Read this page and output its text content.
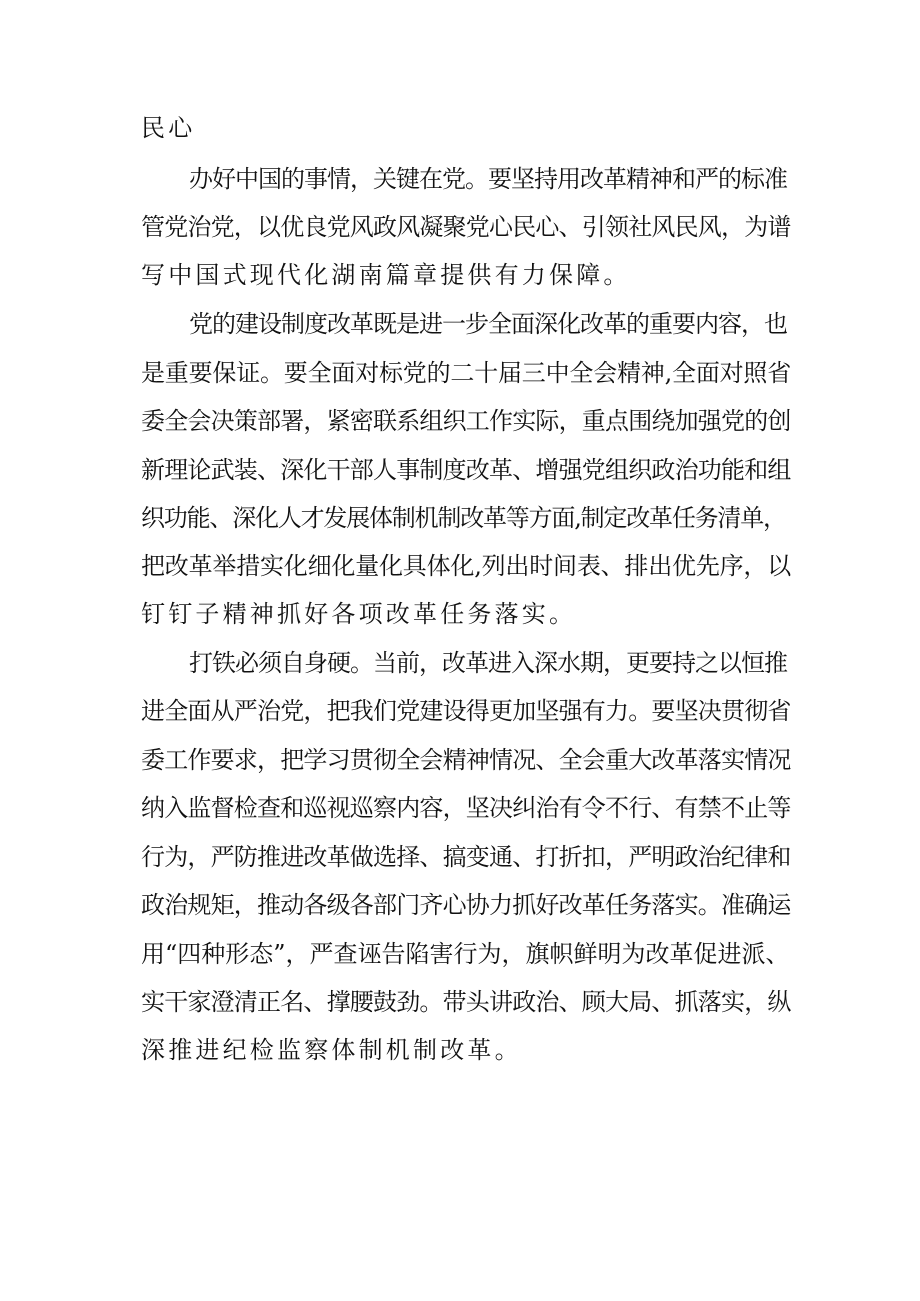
民心
办好中国的事情，关键在党。要坚持用改革精神和严的标准
管党治党，以优良党风政风凝聚党心民心、引领社风民风，为谱
写中国式现代化湖南篇章提供有力保障。
党的建设制度改革既是进一步全面深化改革的重要内容，也
是重要保证。要全面对标党的二十届三中全会精神,全面对照省
委全会决策部署，紧密联系组织工作实际，重点围绕加强党的创
新理论武装、深化干部人事制度改革、增强党组织政治功能和组
织功能、深化人才发展体制机制改革等方面,制定改革任务清单，
把改革举措实化细化量化具体化,列出时间表、排出优先序，以
钉钉子精神抓好各项改革任务落实。
打铁必须自身硬。当前，改革进入深水期，更要持之以恒推
进全面从严治党，把我们党建设得更加坚强有力。要坚决贯彻省
委工作要求，把学习贯彻全会精神情况、全会重大改革落实情况
纳入监督检查和巡视巡察内容，坚决纠治有令不行、有禁不止等
行为，严防推进改革做选择、搞变通、打折扣，严明政治纪律和
政治规矩，推动各级各部门齐心协力抓好改革任务落实。准确运
用“四种形态”，严查诬告陷害行为，旗帜鲜明为改革促进派、
实干家澄清正名、撑腰鼓劲。带头讲政治、顾大局、抓落实，纵
深推进纪检监察体制机制改革。
